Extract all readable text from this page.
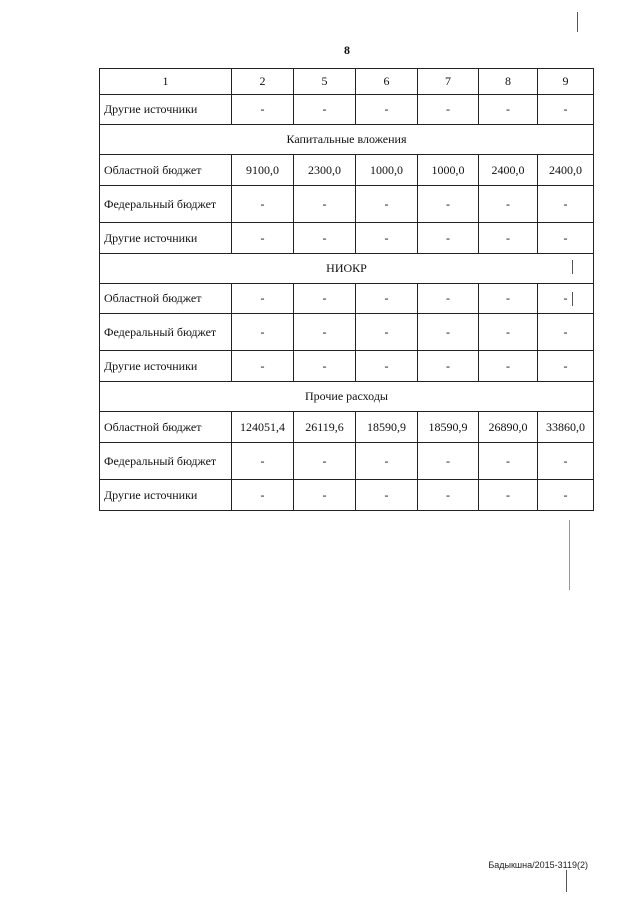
8
1	2	5	6	7	8	9
Другие источники	-	-	-	-	-	-
Капитальные вложения						
Областной бюджет	9100,0	2300,0	1000,0	1000,0	2400,0	2400,0
Федеральный бюджет	-	-	-	-	-	-
Другие источники	-	-	-	-	-	-
НИОКР						
Областной бюджет	-	-	-	-	-	-
Федеральный бюджет	-	-	-	-	-	-
Другие источники	-	-	-	-	-	-
Прочие расходы						
Областной бюджет	124051,4	26119,6	18590,9	18590,9	26890,0	33860,0
Федеральный бюджет	-	-	-	-	-	-
Другие источники	-	-	-	-	-	-
Бадыкшна/2015-3119(2)
